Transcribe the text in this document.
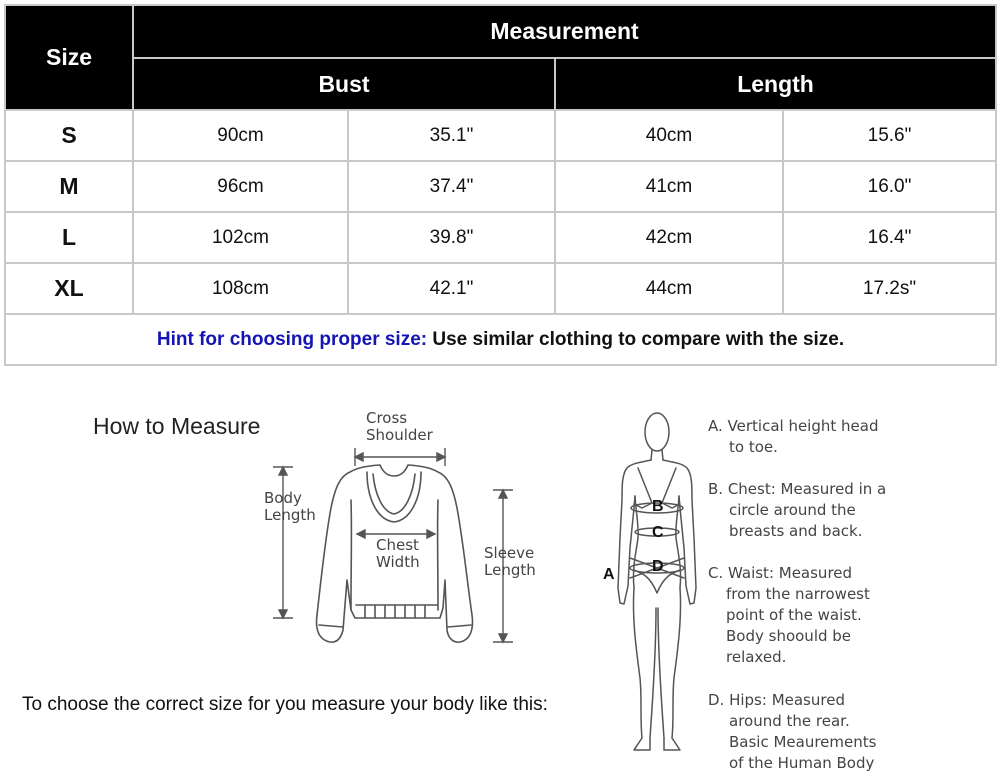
Size	Measurement			
	Bust		Length	
S	90cm	35.1"	40cm	15.6"
M	96cm	37.4"	41cm	16.0"
L	102cm	39.8"	42cm	16.4"
XL	108cm	42.1"	44cm	17.2s"
Hint for choosing proper size: Use similar clothing to compare with the size.				
How to Measure	Cross
Shoulder
Body
Length
Chest
Width	Sleeve
Length
To choose the correct size for you measure your body like this:
B
C
D
A
A. Vertical height head
to toe.
B. Chest: Measured in a
circle around the
breasts and back.
C. Waist: Measured
from the narrowest
point of the waist.
Body shoould be
relaxed.
D. Hips: Measured
around the rear.
Basic Meaurements
of the Human Body
